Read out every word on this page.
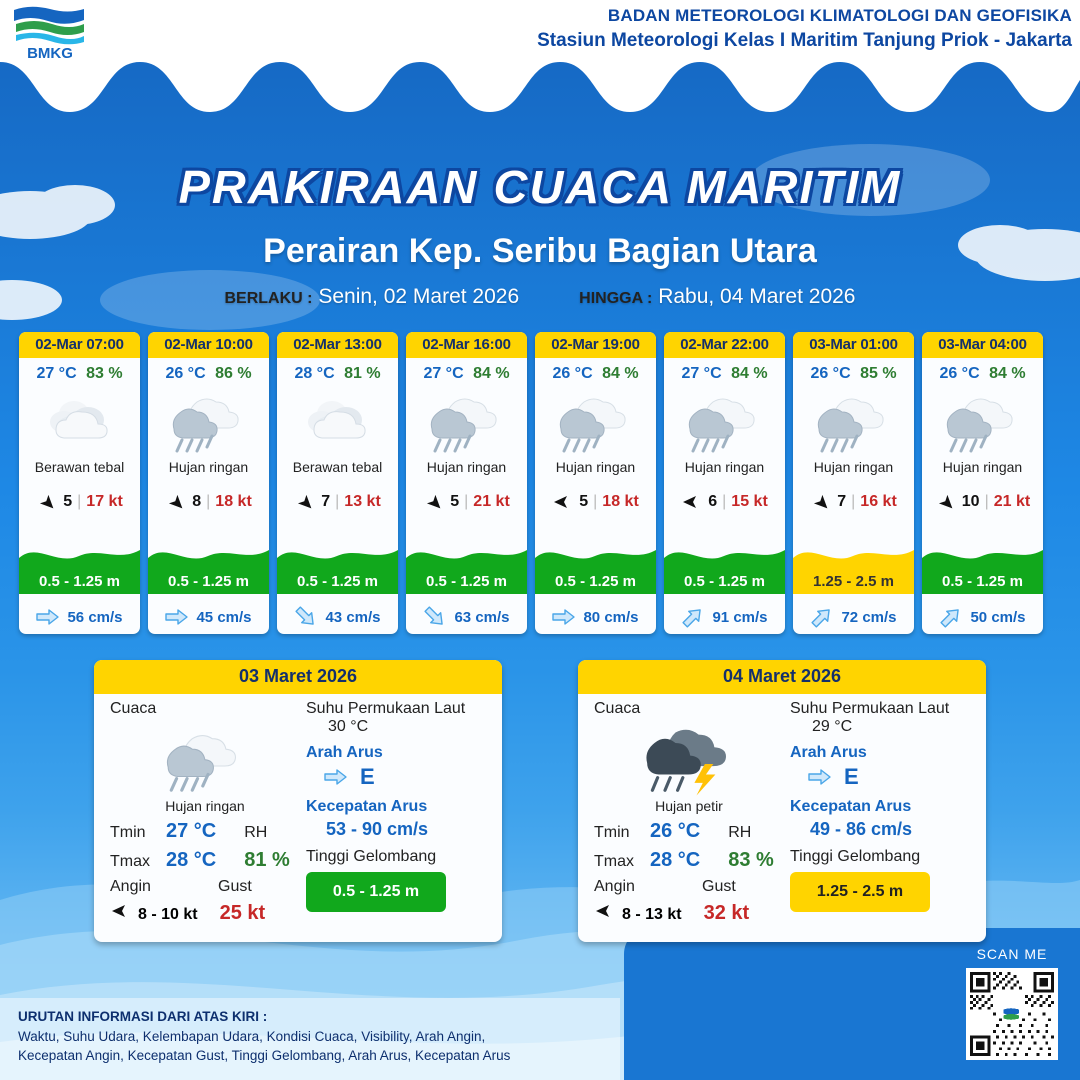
BMKG
BADAN METEOROLOGI KLIMATOLOGI DAN GEOFISIKA
Stasiun Meteorologi Kelas I Maritim Tanjung Priok - Jakarta
PRAKIRAAN CUACA MARITIM
Perairan Kep. Seribu Bagian Utara
BERLAKU : Senin, 02 Maret 2026	HINGGA : Rabu, 04 Maret 2026
02-Mar 07:00
27 °C 83 %
Berawan tebal
5 | 17 kt
0.5 - 1.25 m
56 cm/s
02-Mar 10:00
26 °C 86 %
Hujan ringan
8 | 18 kt
0.5 - 1.25 m
45 cm/s
02-Mar 13:00
28 °C 81 %
Berawan tebal
7 | 13 kt
0.5 - 1.25 m
43 cm/s
02-Mar 16:00
27 °C 84 %
Hujan ringan
5 | 21 kt
0.5 - 1.25 m
63 cm/s
02-Mar 19:00
26 °C 84 %
Hujan ringan
5 | 18 kt
0.5 - 1.25 m
80 cm/s
02-Mar 22:00
27 °C 84 %
Hujan ringan
6 | 15 kt
0.5 - 1.25 m
91 cm/s
03-Mar 01:00
26 °C 85 %
Hujan ringan
7 | 16 kt
1.25 - 2.5 m
72 cm/s
03-Mar 04:00
26 °C 84 %
Hujan ringan
10 | 21 kt
0.5 - 1.25 m
50 cm/s
03 Maret 2026
Cuaca
Hujan ringan
Tmin	27 °C RH
Tmax 28 °C 81 %
Angin	Gust
8 - 10 kt 25 kt
Suhu Permukaan Laut
30 °C
Arah Arus
E
Kecepatan Arus
53 - 90 cm/s
Tinggi Gelombang
0.5 - 1.25 m
04 Maret 2026
Cuaca
Hujan petir
Tmin	26 °C RH
Tmax 28 °C 83 %
Angin	Gust
8 - 13 kt 32 kt
Suhu Permukaan Laut
29 °C
Arah Arus
E
Kecepatan Arus
49 - 86 cm/s
Tinggi Gelombang
1.25 - 2.5 m
URUTAN INFORMASI DARI ATAS KIRI :
Waktu, Suhu Udara, Kelembapan Udara, Kondisi Cuaca, Visibility, Arah Angin,
Kecepatan Angin, Kecepatan Gust, Tinggi Gelombang, Arah Arus, Kecepatan Arus
SCAN ME
